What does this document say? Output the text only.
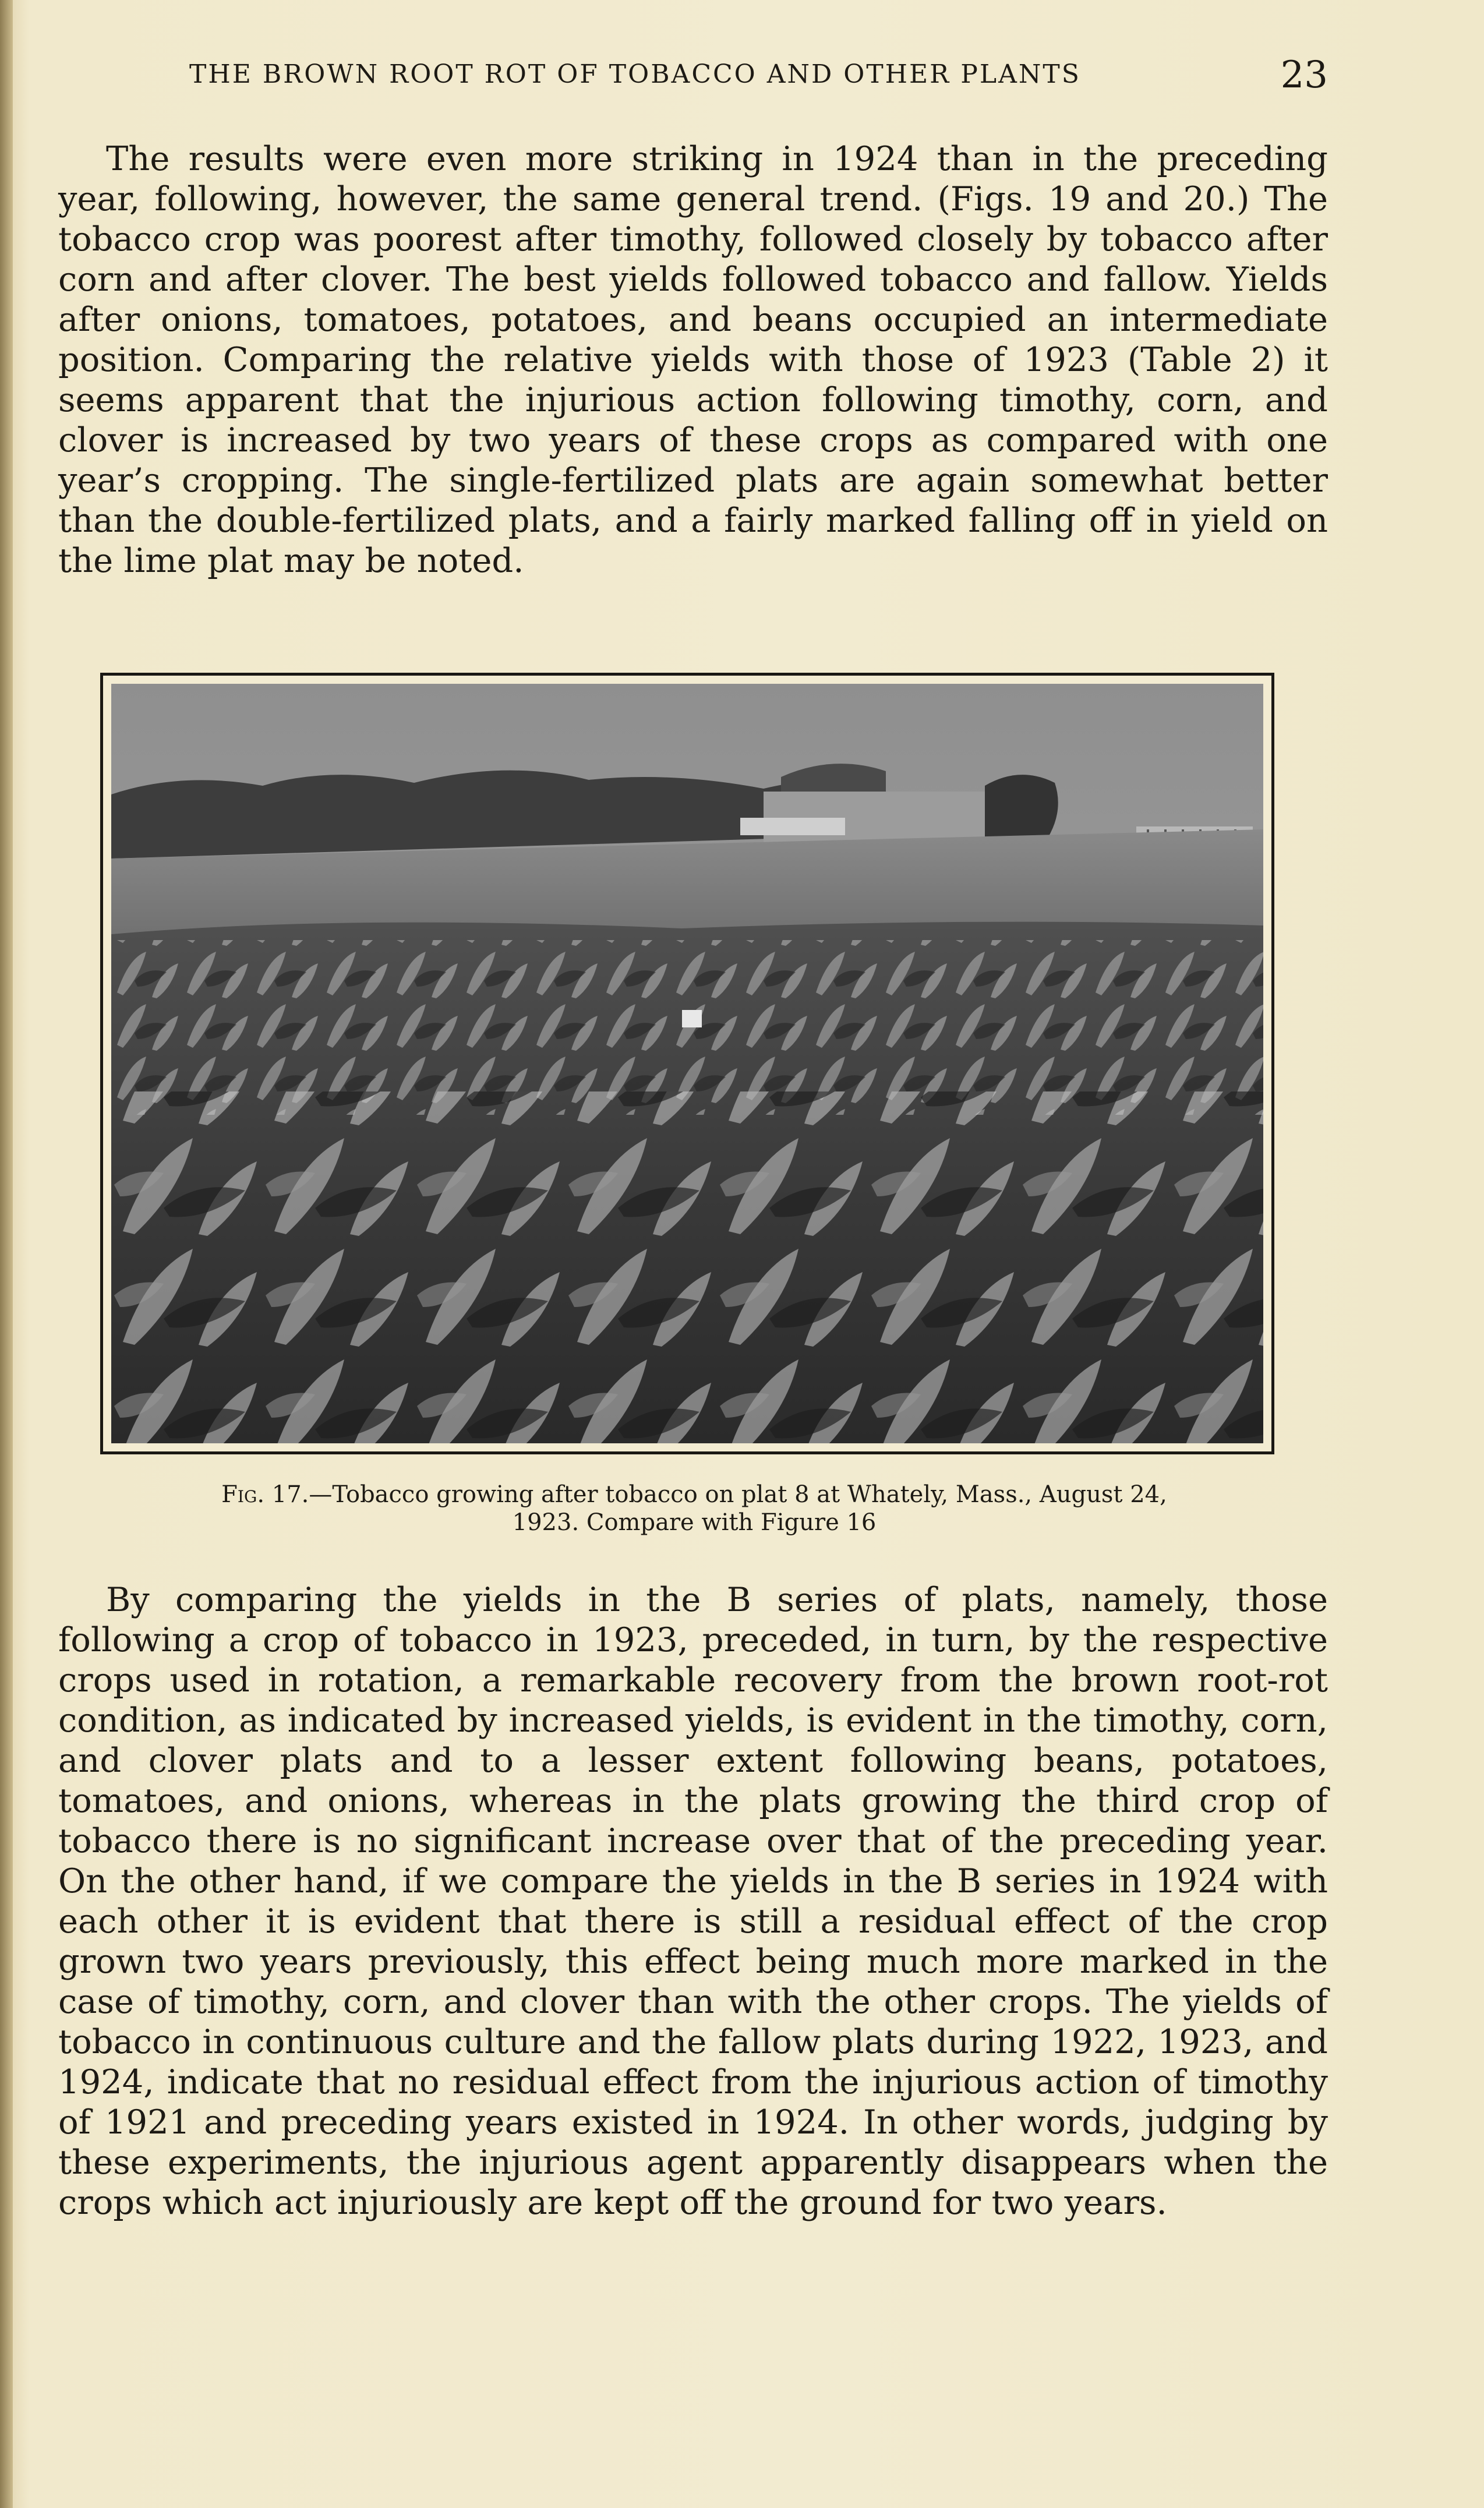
THE BROWN ROOT ROT OF TOBACCO AND OTHER PLANTS	23

The results were even more striking in 1924 than in the preceding year, following, however, the same general trend. (Figs. 19 and 20.) The tobacco crop was poorest after timothy, followed closely by tobacco after corn and after clover. The best yields followed tobacco and fallow. Yields after onions, tomatoes, potatoes, and beans occupied an intermediate position. Comparing the relative yields with those of 1923 (Table 2) it seems apparent that the injurious action following timothy, corn, and clover is increased by two years of these crops as compared with one year’s cropping. The single-fertilized plats are again somewhat better than the double-fertilized plats, and a fairly marked falling off in yield on the lime plat may be noted.

Fig. 17.—Tobacco growing after tobacco on plat 8 at Whately, Mass., August 24,
1923. Compare with Figure 16

By comparing the yields in the B series of plats, namely, those following a crop of tobacco in 1923, preceded, in turn, by the respective crops used in rotation, a remarkable recovery from the brown root-rot condition, as indicated by increased yields, is evident in the timothy, corn, and clover plats and to a lesser extent following beans, potatoes, tomatoes, and onions, whereas in the plats growing the third crop of tobacco there is no significant increase over that of the preceding year. On the other hand, if we compare the yields in the B series in 1924 with each other it is evident that there is still a residual effect of the crop grown two years previously, this effect being much more marked in the case of timothy, corn, and clover than with the other crops. The yields of tobacco in continuous culture and the fallow plats during 1922, 1923, and 1924, indicate that no residual effect from the injurious action of timothy of 1921 and preceding years existed in 1924. In other words, judging by these experiments, the injurious agent apparently disappears when the crops which act injuriously are kept off the ground for two years.
